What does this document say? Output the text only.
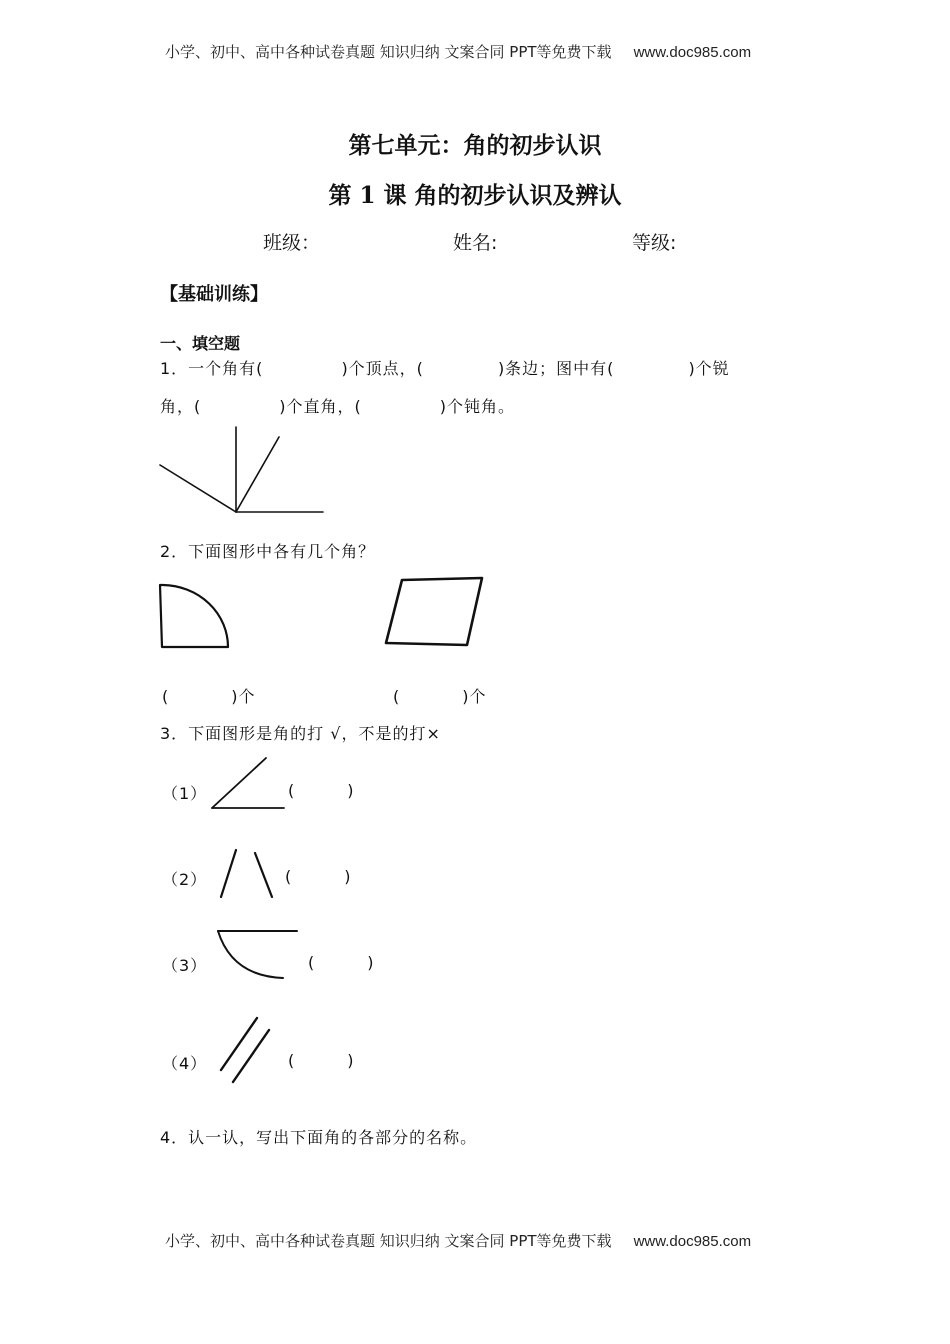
小学、初中、高中各种试卷真题 知识归纳 文案合同 PPT等免费下载 www.doc985.com
第七单元：角的初步认识
第 1 课 角的初步认识及辨认
班级：	姓名:	等级:
【基础训练】
一、填空题
1．一个角有(	)个顶点，(	)条边；图中有(	)个锐
角，(	)个直角，(	)个钝角。
2．下面图形中各有几个角？
(	)个	(	)个
3．下面图形是角的打 √，不是的打×
（1）	(	)
（2）	(	)
（3）	(	)
（4）	(	)
4．认一认，写出下面角的各部分的名称。
小学、初中、高中各种试卷真题 知识归纳 文案合同 PPT等免费下载 www.doc985.com
